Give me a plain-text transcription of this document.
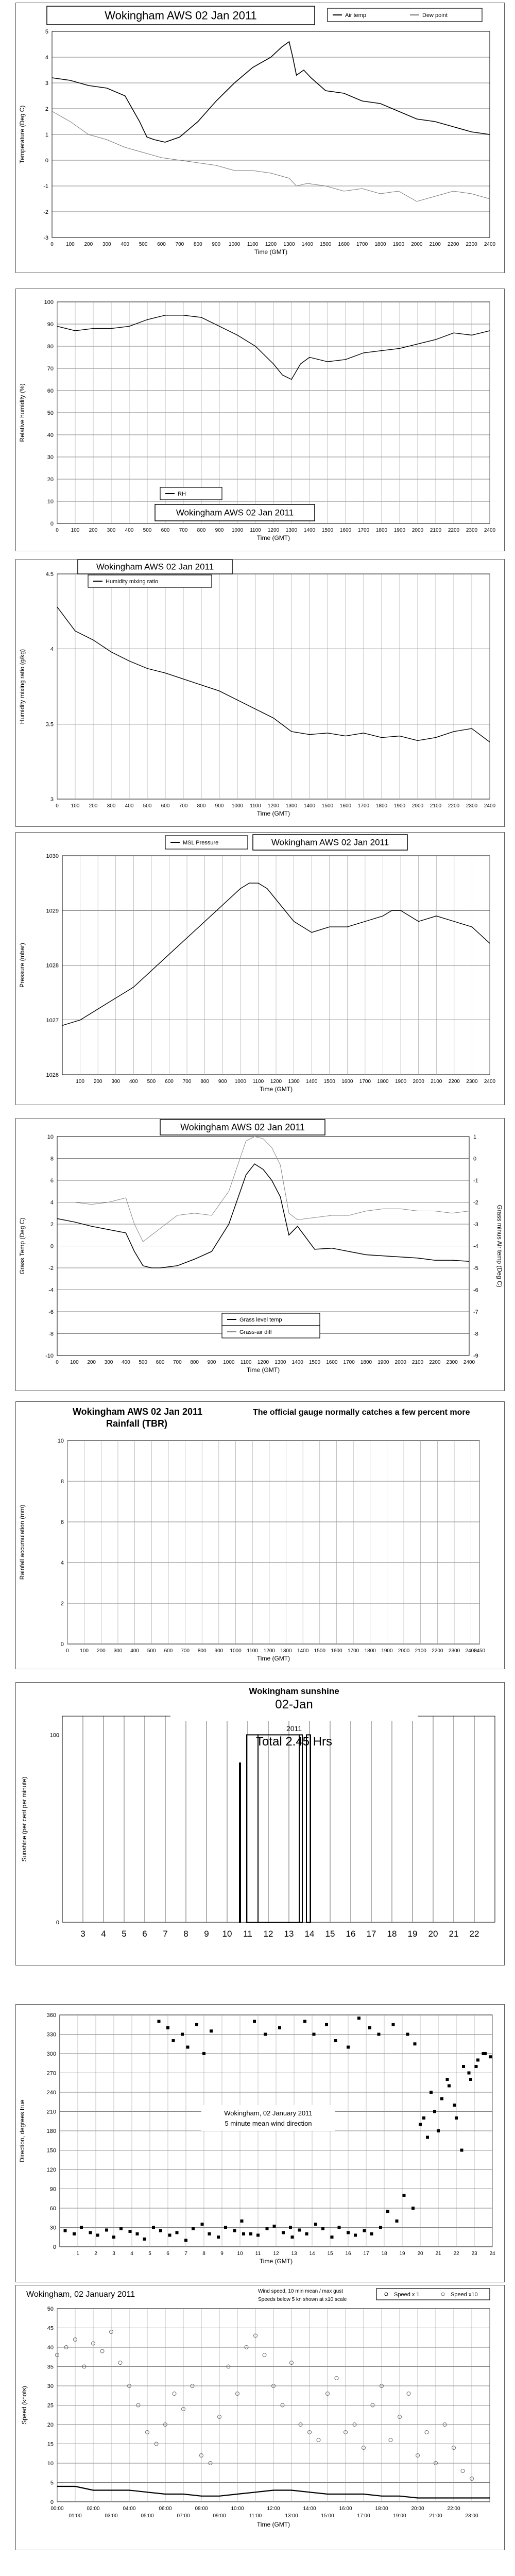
-3
-2
-1
0
1
2
3
4
5
0 100 200 300 400 500 600 700 800 900 1000 1100 1200 1300 1400 1500 1600 1700 1800 1900 2000 2100 2200 2300 2400
Temperature (Deg C)
Time (GMT)
Wokingham AWS 02 Jan 2011	Air temp	Dew point
0
10
20
30
40
50
60
70
80
90
100
0 100 200 300 400 500 600 700 800 900 1000 1100 1200 1300 1400 1500 1600 1700 1800 1900 2000 2100 2200 2300 2400
Relative humidity (%)
Time (GMT)
RH
Wokingham AWS 02 Jan 2011
3
3.5
4
4.5
0 100 200 300 400 500 600 700 800 900 1000 1100 1200 1300 1400 1500 1600 1700 1800 1900 2000 2100 2200 2300 2400
Humidity mixing ratio (g/kg)
Time (GMT)
Wokingham AWS 02 Jan 2011
Humidity mixing ratio
1026
1027
1028
1029
1030
100 200 300 400 500 600 700 800 900 1000 1100 1200 1300 1400 1500 1600 1700 1800 1900 2000 2100 2200 2300 2400
Pressure (mbar)
Time (GMT)
MSL Pressure	Wokingham AWS 02 Jan 2011
-10
-8
-6
-4
-2
0
2
4
6
8
10
0 100 200 300 400 500 600 700 800 900 1000 1100 1200 1300 1400 1500 1600 1700 1800 1900 2000 2100 2200 2300 2400
Grass Temp (Deg C)
Time (GMT)
-9
-8
-7
-6
-5
-4
-3
-2
-1
0
1
Grass minus Air temp (Deg C)
Wokingham AWS 02 Jan 2011
Grass level temp
Grass-air diff
0
2
4
6
8
10
0 100 200 300 400 500 600 700 800 900 1000 1100 1200 1300 1400 1500 1600 1700 1800 1900 2000 2100 2200 2300 2400
2450
Rainfall accumulation (mm)
Time (GMT)
Wokingham AWS 02 Jan 2011
Rainfall (TBR)
The official gauge normally catches a few percent more
3 4 5 6 7 8 9 10 11 12 13 14 15 16 17 18 19 20 21 22
0
100
Sunshine (per cent per minute)
Wokingham sunshine
02-Jan
2011
Total 2.45 Hrs
0
30
60
90
120
150
180
210
240
270
300
330
360
1	2	3	4	5	6	7	8	9	10 11 12 13 14 15 16 17 18 19 20 21 22 23 24
Direction, degrees true
Time (GMT)
Wokingham, 02 January 2011
5 minute mean wind direction
0
5
10
15
20
25
30
35
40
45
50
00:00	02:00	04:00	06:00	08:00	10:00	12:00	14:00	16:00	18:00	20:00	22:00
01:00	03:00	05:00	07:00	09:00	11:00	13:00	15:00	17:00	19:00	21:00	23:00
Speed (knots)
Time (GMT)
Wokingham, 02 January 2011	Wind speed, 10 min mean / max gust
Speeds below 5 kn shown at x10 scale
Speed x 1	Speed x10
